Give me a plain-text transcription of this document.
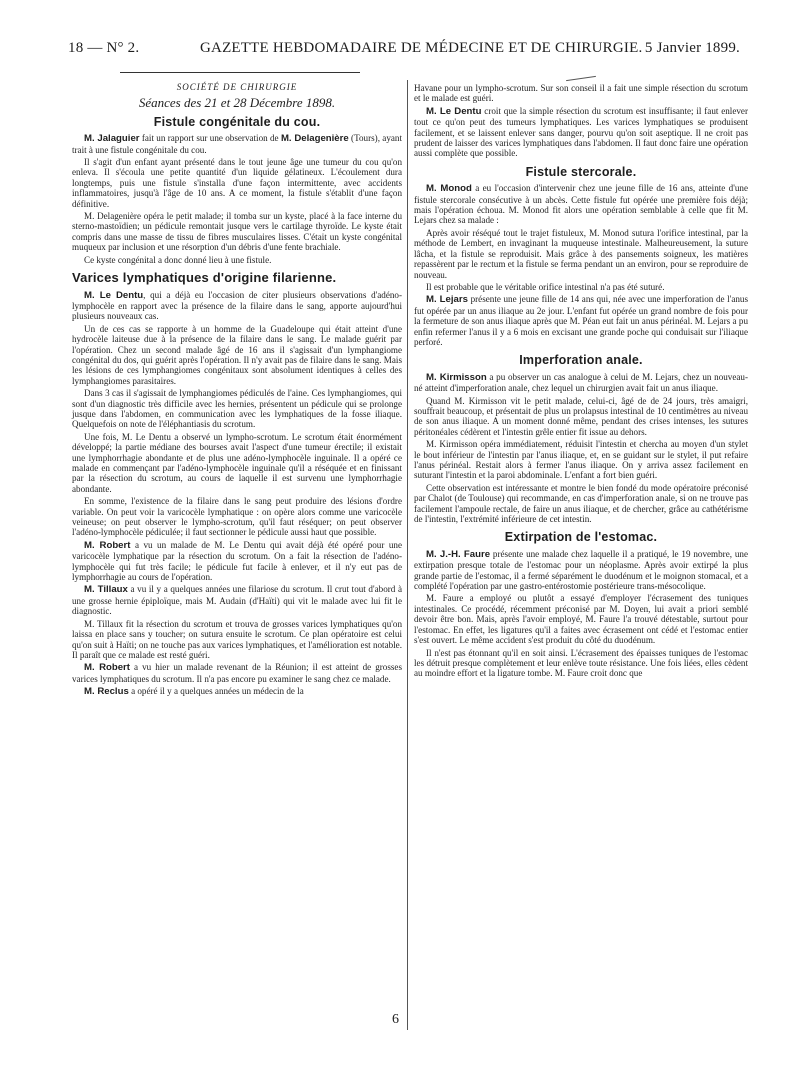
18 — N° 2.	GAZETTE HEBDOMADAIRE DE MÉDECINE ET DE CHIRURGIE. 5 Janvier 1899.
SOCIÉTÉ DE CHIRURGIE
Séances des 21 et 28 Décembre 1898.
Fistule congénitale du cou.

M. Jalaguier fait un rapport sur une observation de M. Delagenière (Tours), ayant trait à une fistule congénitale du cou.

Il s'agit d'un enfant ayant présenté dans le tout jeune âge une tumeur du cou qu'on enleva. Il s'écoula une petite quantité d'un liquide gélatineux. L'écoulement dura longtemps, puis une fistule s'installa d'une façon intermittente, avec accidents inflammatoires, jusqu'à l'âge de 10 ans. A ce moment, la fistule s'établit d'une façon définitive.

M. Delagenière opéra le petit malade; il tomba sur un kyste, placé à la face interne du sterno-mastoïdien; un pédicule remontait jusque vers le cartilage thyroïde. Le kyste était compris dans une masse de tissu de fibres musculaires lisses. C'était un kyste congénital muqueux par inclusion et une résorption d'un débris d'une fente brachiale.

Ce kyste congénital a donc donné lieu à une fistule.

Varices lymphatiques d'origine filarienne.

M. Le Dentu, qui a déjà eu l'occasion de citer plusieurs observations d'adéno-lymphocèle en rapport avec la présence de la filaire dans le sang, apporte aujourd'hui plusieurs nouveaux cas.

Un de ces cas se rapporte à un homme de la Guadeloupe qui était atteint d'une hydrocèle laiteuse due à la présence de la filaire dans le sang. Le malade guérit par l'opération. Chez un second malade âgé de 16 ans il s'agissait d'un lymphangiome congénital du dos, qui guérit après l'opération. Il n'y avait pas de filaire dans le sang. Mais les lésions de ces lymphangiomes congénitaux sont absolument identiques à celles des lymphangiomes parasitaires.

Dans 3 cas il s'agissait de lymphangiomes pédiculés de l'aine. Ces lymphangiomes, qui sont d'un diagnostic très difficile avec les hernies, présentent un pédicule qui se prolonge jusque dans l'abdomen, en communication avec les lymphatiques de la fosse iliaque. Quelquefois on note de l'éléphantiasis du scrotum.

Une fois, M. Le Dentu a observé un lympho-scrotum. Le scrotum était énormément développé; la partie médiane des bourses avait l'aspect d'une tumeur érectile; il existait une lymphorrhagie abondante et de plus une adéno-lymphocèle inguinale. Il a opéré ce malade en commençant par l'adéno-lymphocèle inguinale qu'il a réséquée et en finissant par la résection du scrotum, au cours de laquelle il est survenu une lymphorrhagie abondante.

En somme, l'existence de la filaire dans le sang peut produire des lésions d'ordre variable. On peut voir la varicocèle lymphatique : on opère alors comme une varicocèle veineuse; on peut observer le lympho-scrotum, qu'il faut réséquer; on peut observer l'adéno-lymphocèle pédiculée; il faut sectionner le pédicule aussi haut que possible.

M. Robert a vu un malade de M. Le Dentu qui avait déjà été opéré pour une varicocèle lymphatique par la résection du scrotum. On a fait la résection de l'adéno-lymphocèle qui fut très facile; le pédicule fut facile à enlever, et il n'y eut pas de lymphorrhagie au cours de l'opération.

M. Tillaux a vu il y a quelques années une filariose du scrotum. Il crut tout d'abord à une grosse hernie épiploïque, mais M. Audain (d'Haïti) qui vit le malade avec lui fit le diagnostic.

M. Tillaux fit la résection du scrotum et trouva de grosses varices lymphatiques qu'on laissa en place sans y toucher; on sutura ensuite le scrotum. Ce plan opératoire est celui qu'on suit à Haïti; on ne touche pas aux varices lymphatiques, et l'amélioration est notable. Il paraît que ce malade est resté guéri.

M. Robert a vu hier un malade revenant de la Réunion; il est atteint de grosses varices lymphatiques du scrotum. Il n'a pas encore pu examiner le sang chez ce malade.

M. Reclus a opéré il y a quelques années un médecin de la

Havane pour un lympho-scrotum. Sur son conseil il a fait une simple résection du scrotum et le malade est guéri.

M. Le Dentu croit que la simple résection du scrotum est insuffisante; il faut enlever tout ce qu'on peut des tumeurs lymphatiques. Les varices lymphatiques se produisent facilement, et se laissent enlever sans danger, pourvu qu'on soit aseptique. Il ne croit pas prudent de laisser des varices lymphatiques dans l'abdomen. Il faut donc faire une opération aussi complète que possible.

Fistule stercorale.

M. Monod a eu l'occasion d'intervenir chez une jeune fille de 16 ans, atteinte d'une fistule stercorale consécutive à un abcès. Cette fistule fut opérée une première fois déjà; mais l'opération échoua. M. Monod fit alors une opération semblable à celle que fit M. Lejars chez sa malade :

Après avoir réséqué tout le trajet fistuleux, M. Monod sutura l'orifice intestinal, par la méthode de Lembert, en invaginant la muqueuse intestinale. Malheureusement, la suture lâcha, et la fistule se reproduisit. Mais grâce à des pansements soigneux, les matières repassèrent par le rectum et la fistule se ferma pendant un an environ, pour se reproduire de nouveau.

Il est probable que le véritable orifice intestinal n'a pas été suturé.

M. Lejars présente une jeune fille de 14 ans qui, née avec une imperforation de l'anus fut opérée par un anus iliaque au 2e jour. L'enfant fut opérée un grand nombre de fois pour la fermeture de son anus iliaque après que M. Péan eut fait un anus périnéal. M. Lejars a pu enfin refermer l'anus il y a 6 mois en excisant une grande poche qui conduisait sur l'iliaque perforé.

Imperforation anale.

M. Kirmisson a pu observer un cas analogue à celui de M. Lejars, chez un nouveau-né atteint d'imperforation anale, chez lequel un chirurgien avait fait un anus iliaque.

Quand M. Kirmisson vit le petit malade, celui-ci, âgé de de 24 jours, très amaigri, souffrait beaucoup, et présentait de plus un prolapsus intestinal de 10 centimètres au niveau de son anus iliaque. A un moment donné même, pendant des crises intenses, les sutures péritonéales cédèrent et l'intestin grêle entier fit issue au dehors.

M. Kirmisson opéra immédiatement, réduisit l'intestin et chercha au moyen d'un stylet le bout inférieur de l'intestin par l'anus iliaque, et, en se guidant sur le stylet, il put refaire l'anus périnéal. Restait alors à fermer l'anus iliaque. On y arriva assez facilement en suturant l'intestin et la paroi abdominale. L'enfant a fort bien guéri.

Cette observation est intéressante et montre le bien fondé du mode opératoire préconisé par Chalot (de Toulouse) qui recommande, en cas d'imperforation anale, si on ne trouve pas facilement l'ampoule rectale, de faire un anus iliaque, et de chercher, grâce au cathétérisme de l'intestin, l'extrémité inférieure de cet intestin.

Extirpation de l'estomac.

M. J.-H. Faure présente une malade chez laquelle il a pratiqué, le 19 novembre, une extirpation presque totale de l'estomac pour un néoplasme. Après avoir extirpé la plus grande partie de l'estomac, il a fermé séparément le duodénum et le moignon stomacal, et a complété l'opération par une gastro-entérostomie postérieure trans-mésocolique.

M. Faure a employé ou plutôt a essayé d'employer l'écrasement des tuniques intestinales. Ce procédé, récemment préconisé par M. Doyen, lui avait a priori semblé devoir être bon. Mais, après l'avoir employé, M. Faure l'a trouvé détestable, surtout pour l'estomac. En effet, les ligatures qu'il a faites avec écrasement ont cédé et l'estomac entier s'est ouvert. Le même accident s'est produit du côté du duodénum.

Il n'est pas étonnant qu'il en soit ainsi. L'écrasement des épaisses tuniques de l'estomac les détruit presque complètement et leur enlève toute résistance. Une fois liées, elles cèdent au moindre effort et la ligature tombe. M. Faure croit donc que

6
